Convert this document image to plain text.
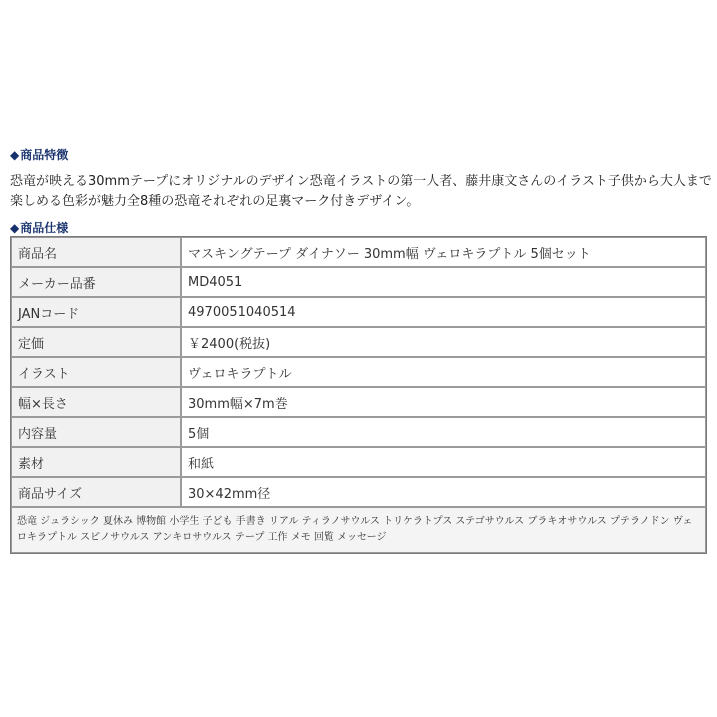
◆商品特徴
恐竜が映える30mmテープにオリジナルのデザイン恐竜イラストの第一人者、藤井康文さんのイラスト子供から大人まで
楽しめる色彩が魅力全8種の恐竜それぞれの足裏マーク付きデザイン。
◆商品仕様
商品名	マスキングテープ ダイナソー 30mm幅 ヴェロキラプトル 5個セット
メーカー品番	MD4051
JANコード	4970051040514
定価	￥2400(税抜)
イラスト	ヴェロキラプトル
幅×長さ	30mm幅×7m巻
内容量	5個
素材	和紙
商品サイズ	30×42mm径
恐竜 ジュラシック 夏休み 博物館 小学生 子ども 手書き リアル ティラノサウルス トリケラトプス ステゴサウルス ブラキオサウルス プテラノドン ヴェロキラプトル スピノサウルス アンキロサウルス テープ 工作 メモ 回覧 メッセージ	
